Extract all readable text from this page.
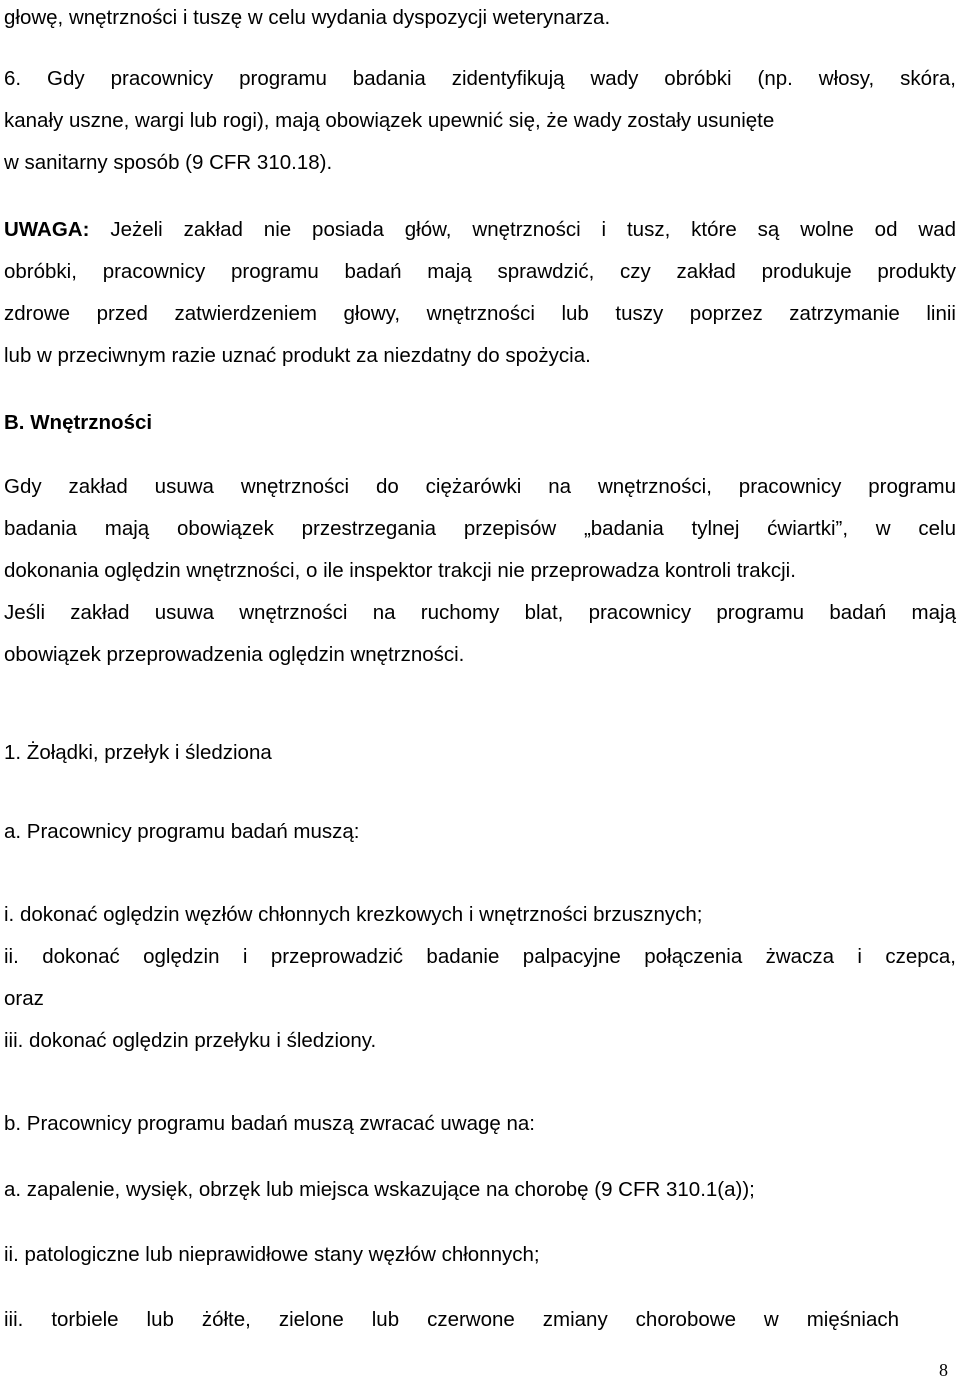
głowę, wnętrzności i tuszę w celu wydania dyspozycji weterynarza.
6. Gdy pracownicy programu badania zidentyfikują wady obróbki (np. włosy, skóra,
kanały uszne, wargi lub rogi), mają obowiązek upewnić się, że wady zostały usunięte
w sanitarny sposób (9 CFR 310.18).
UWAGA: Jeżeli zakład nie posiada głów, wnętrzności i tusz, które są wolne od wad
obróbki, pracownicy programu badań mają sprawdzić, czy zakład produkuje produkty
zdrowe przed zatwierdzeniem głowy, wnętrzności lub tuszy poprzez zatrzymanie linii
lub w przeciwnym razie uznać produkt za niezdatny do spożycia.
B. Wnętrzności
Gdy zakład usuwa wnętrzności do ciężarówki na wnętrzności, pracownicy programu
badania mają obowiązek przestrzegania przepisów „badania tylnej ćwiartki”, w celu
dokonania oględzin wnętrzności, o ile inspektor trakcji nie przeprowadza kontroli trakcji.
Jeśli zakład usuwa wnętrzności na ruchomy blat, pracownicy programu badań mają
obowiązek przeprowadzenia oględzin wnętrzności.
1. Żołądki, przełyk i śledziona
a. Pracownicy programu badań muszą:
i. dokonać oględzin węzłów chłonnych krezkowych i wnętrzności brzusznych;
ii. dokonać oględzin i przeprowadzić badanie palpacyjne połączenia żwacza i czepca,
oraz
iii. dokonać oględzin przełyku i śledziony.
b. Pracownicy programu badań muszą zwracać uwagę na:
a. zapalenie, wysięk, obrzęk lub miejsca wskazujące na chorobę (9 CFR 310.1(a));
ii. patologiczne lub nieprawidłowe stany węzłów chłonnych;
iii. torbiele lub żółte, zielone lub czerwone zmiany chorobowe w mięśniach
8
